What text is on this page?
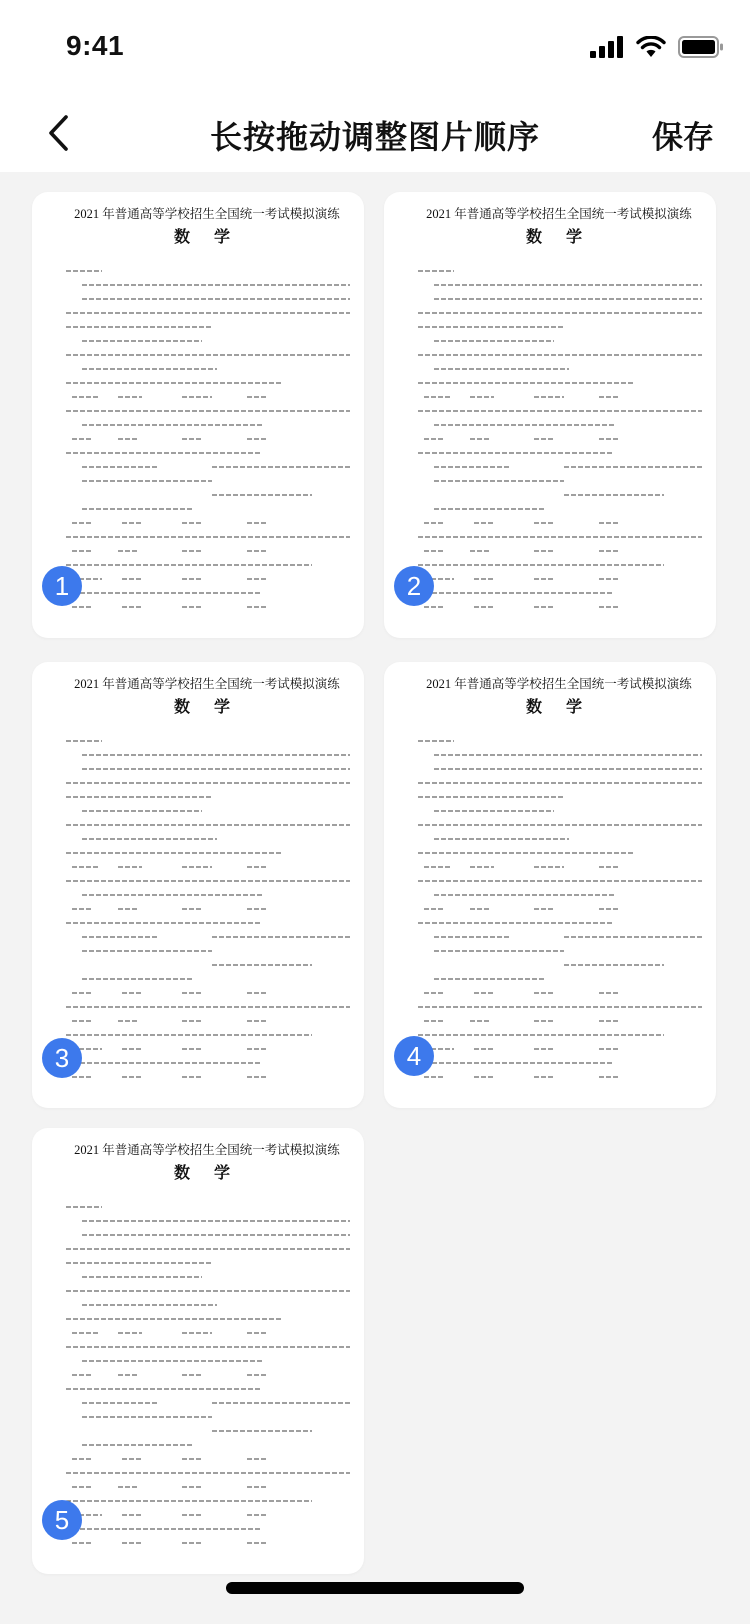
9:41
长按拖动调整图片顺序	保存
2021 年普通高等学校招生全国统一考试模拟演练
数 学
1
2021 年普通高等学校招生全国统一考试模拟演练
数 学
2
2021 年普通高等学校招生全国统一考试模拟演练
数 学
3
2021 年普通高等学校招生全国统一考试模拟演练
数 学
4
2021 年普通高等学校招生全国统一考试模拟演练
数 学
5
